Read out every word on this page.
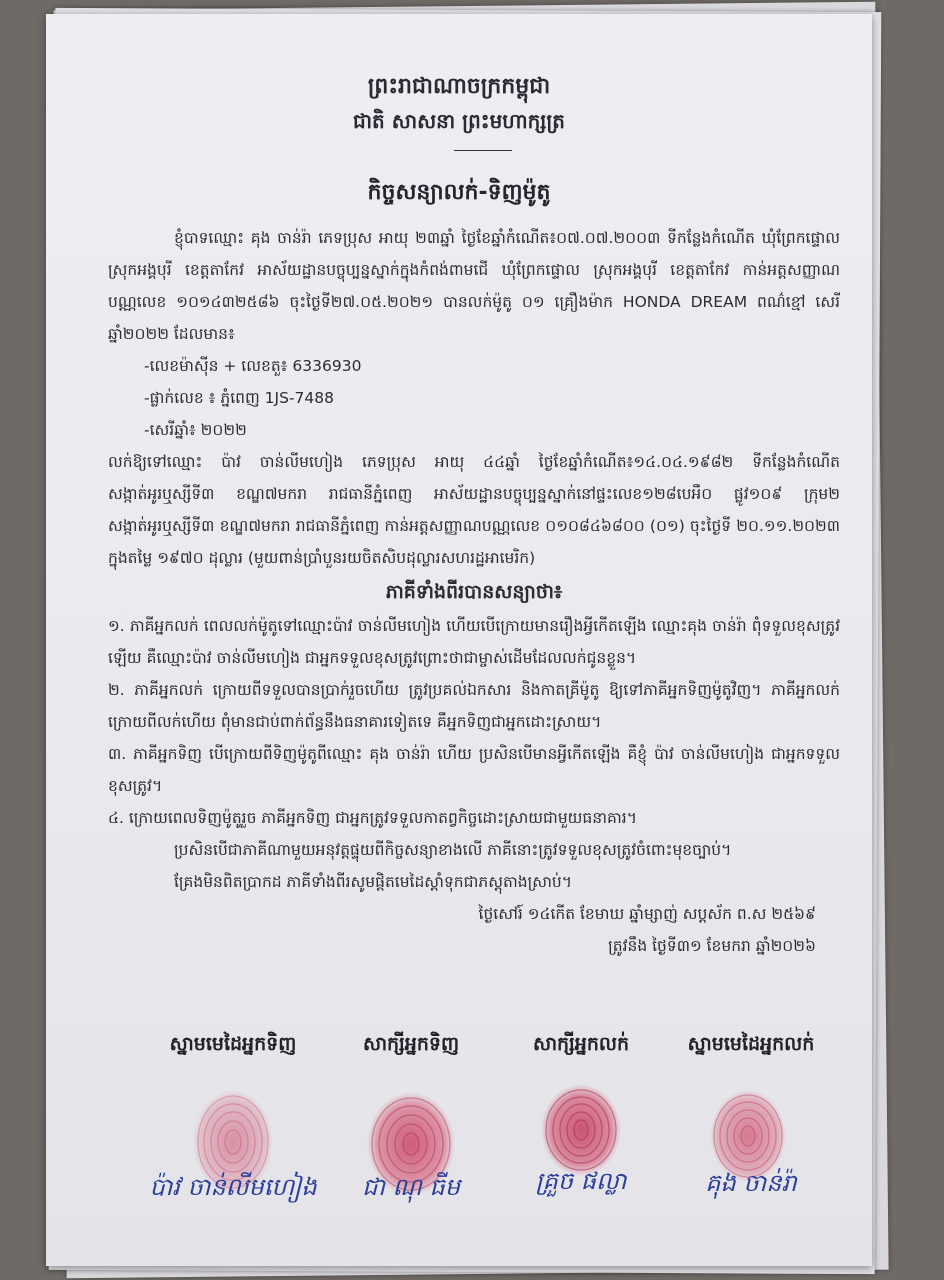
ព្រះរាជាណាចក្រកម្ពុជា
ជាតិ សាសនា ព្រះមហាក្សត្រ
កិច្ចសន្យាលក់-ទិញម៉ូតូ

ខ្ញុំបាទឈ្មោះ គុង ចាន់រ៉ា ភេទប្រុស អាយុ ២៣ឆ្នាំ ថ្ងៃខែឆ្នាំកំណើត៖០៧.០៧.២០០៣ ទីកន្លែងកំណើត ឃុំព្រែកផ្ទោល ស្រុកអង្គបុរី ខេត្តតាកែវ អាស័យដ្ឋានបច្ចុប្បន្នស្នាក់ក្នុងកំពង់ពាមជើ ឃុំព្រែកផ្ទោល ស្រុកអង្គបុរី ខេត្តតាកែវ កាន់អត្តសញ្ញាណបណ្ណលេខ ១០១៤៣២៥៨៦ ចុះថ្ងៃទី២៧.០៥.២០២១ បានលក់ម៉ូតូ ០១ គ្រឿងម៉ាក HONDA DREAM ពណ៌ខ្មៅ សេរីឆ្នាំ២០២២ ដែលមាន៖

-លេខម៉ាស៊ីន + លេខតួ៖ 6336930

-ផ្លាក់លេខ ៖ ភ្នំពេញ 1JS-7488

-សេរីឆ្នាំ៖ ២០២២

លក់ឱ្យទៅឈ្មោះ ប៉ាវ ចាន់លីមហៀង ភេទប្រុស អាយុ ៤៤ឆ្នាំ ថ្ងៃខែឆ្នាំកំណើត៖១៤.០៤.១៩៨២ ទីកន្លែងកំណើត សង្កាត់អូរឬស្សីទី៣ ខណ្ឌ៧មករា រាជធានីភ្នំពេញ អាស័យដ្ឋានបច្ចុប្បន្នស្នាក់នៅផ្ទះលេខ១២៨បេអឺ០ ផ្លូវ១០៩ ក្រុម២ សង្កាត់អូរឬស្សីទី៣ ខណ្ឌ៧មករា រាជធានីភ្នំពេញ កាន់អត្តសញ្ញាណបណ្ណលេខ ០១០៨៤៦៨០០ (០១) ចុះថ្ងៃទី ២០.១១.២០២៣ ក្នុងតម្លៃ ១៩៧០ ដុល្លារ (មួយពាន់ប្រាំបួនរយចិតសិបដុល្លារសហរដ្ឋអាមេរិក)

ភាគីទាំងពីរបានសន្យាថា៖

១. ភាគីអ្នកលក់ ពេលលក់ម៉ូតូទៅឈ្មោះប៉ាវ ចាន់លីមហៀង ហើយបើក្រោយមានរឿងអ្វីកើតឡើង ឈ្មោះគុង ចាន់រ៉ា ពុំទទួលខុសត្រូវឡើយ គឺឈ្មោះប៉ាវ ចាន់លីមហៀង ជាអ្នកទទួលខុសត្រូវព្រោះថាជាម្ចាស់ដើមដែលលក់ជូនខ្លួន។

២. ភាគីអ្នកលក់ ក្រោយពីទទួលបានប្រាក់រួចហើយ ត្រូវប្រគល់ឯកសារ និងកាតគ្រីម៉ូតូ ឱ្យទៅភាគីអ្នកទិញម៉ូតូវិញ។ ភាគីអ្នកលក់ ក្រោយពីលក់ហើយ ពុំមានជាប់ពាក់ព័ន្ធនឹងធនាគារទៀតទេ គឺអ្នកទិញជាអ្នកដោះស្រាយ។

៣. ភាគីអ្នកទិញ បើក្រោយពីទិញម៉ូតូពីឈ្មោះ គុង ចាន់រ៉ា ហើយ ប្រសិនបើមានអ្វីកើតឡើង គឺខ្ញុំ ប៉ាវ ចាន់លីមហៀង ជាអ្នកទទួលខុសត្រូវ។

៤. ក្រោយពេលទិញម៉ូតូរួច ភាគីអ្នកទិញ ជាអ្នកត្រូវទទួលកាតព្វកិច្ចដោះស្រាយជាមួយធនាគារ។

ប្រសិនបើជាភាគីណាមួយអនុវត្តផ្ទុយពីកិច្ចសន្យាខាងលើ ភាគីនោះត្រូវទទួលខុសត្រូវចំពោះមុខច្បាប់។

គ្រែងមិនពិតប្រាកដ ភាគីទាំងពីរសូមផ្តិតមេដៃស្តាំទុកជាភស្តុតាងស្រាប់។

ថ្ងៃសៅរ៍ ១៤កើត ខែមាឃ ឆ្នាំម្សាញ់ សប្តស័ក ព.ស ២៥៦៩

ត្រូវនឹង ថ្ងៃទី៣១ ខែមករា ឆ្នាំ២០២៦

ស្នាមមេដៃអ្នកទិញ
ប៉ាវ ចាន់លីមហៀង
សាក្សីអ្នកទិញ
ជា ណុ ធីម
សាក្សីអ្នកលក់
គ្រួច ផល្លា
ស្នាមមេដៃអ្នកលក់
គុង ចាន់រ៉ា
